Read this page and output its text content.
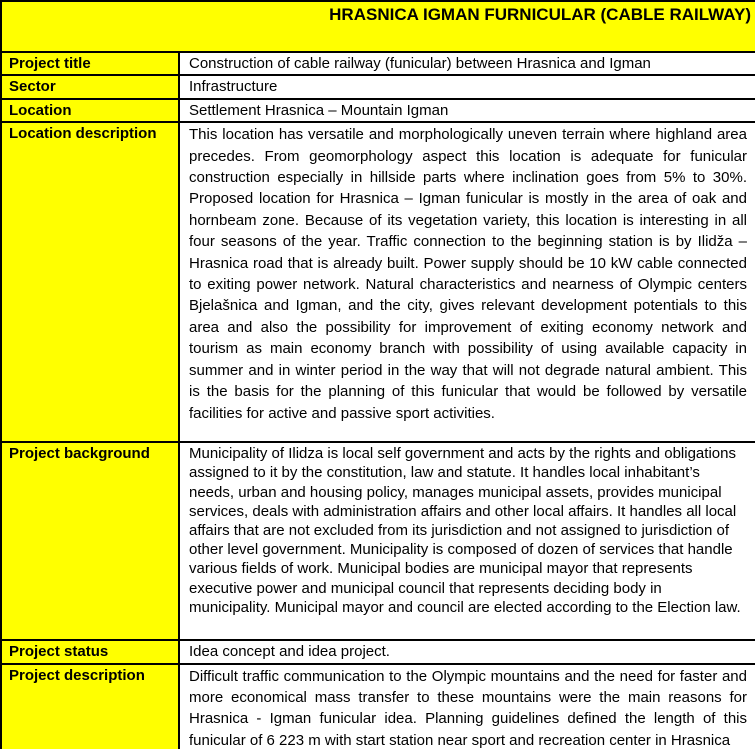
HRASNICA IGMAN FURNICULAR (CABLE RAILWAY)	

Project title	Construction of cable railway (funicular) between Hrasnica and Igman
Sector	Infrastructure
Location	Settlement Hrasnica – Mountain Igman
Location description	This location has versatile and morphologically uneven terrain where highland area precedes. From geomorphology aspect this location is adequate for funicular construction especially in hillside parts where inclination goes from 5% to 30%. Proposed location for Hrasnica – Igman funicular is mostly in the area of oak and hornbeam zone. Because of its vegetation variety, this location is interesting in all four seasons of the year. Traffic connection to the beginning station is by Ilidža – Hrasnica road that is already built. Power supply should be 10 kW cable connected to exiting power network. Natural characteristics and nearness of Olympic centers Bjelašnica and Igman, and the city, gives relevant development potentials to this area and also the possibility for improvement of exiting economy network and tourism as main economy branch with possibility of using available capacity in summer and in winter period in the way that will not degrade natural ambient. This is the basis for the planning of this funicular that would be followed by versatile facilities for active and passive sport activities.

Project background	Municipality of Ilidza is local self government and acts by the rights and obligations assigned to it by the constitution, law and statute. It handles local inhabitant’s needs, urban and housing policy, manages municipal assets, provides municipal services, deals with administration affairs and other local affairs. It handles all local affairs that are not excluded from its jurisdiction and not assigned to jurisdiction of other level government. Municipality is composed of dozen of services that handle various fields of work. Municipal bodies are municipal mayor that represents executive power and municipal council that represents deciding body in municipality. Municipal mayor and council are elected according to the Election law.

Project status	Idea concept and idea project.
Project description	Difficult traffic communication to the Olympic mountains and the need for faster and more economical mass transfer to these mountains were the main reasons for Hrasnica - Igman funicular idea. Planning guidelines defined the length of this funicular of 6 223 m with start station near sport and recreation center in Hrasnica
